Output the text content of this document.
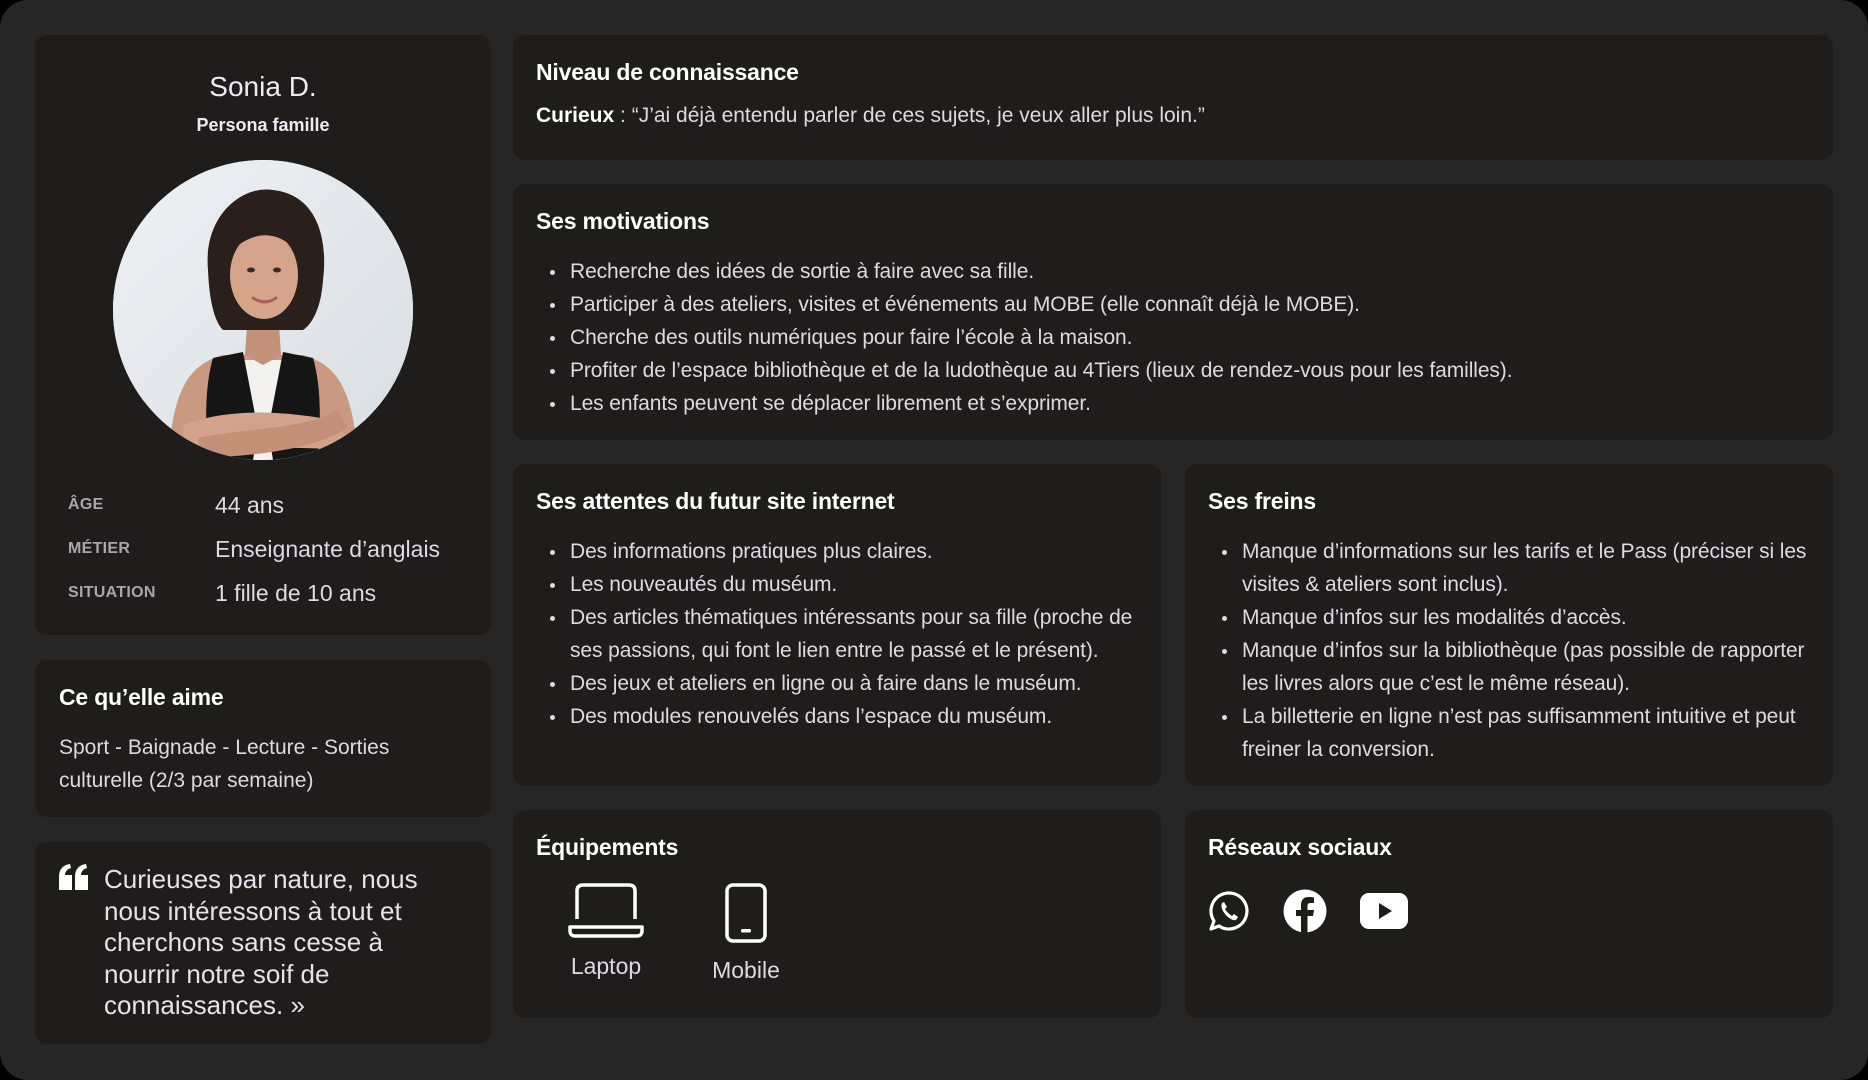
Sonia D.
Persona famille
ÂGE	44 ans
MÉTIER	Enseignante d’anglais
SITUATION	1 fille de 10 ans
Ce qu’elle aime
Sport - Baignade - Lecture - Sorties culturelle (2/3 par semaine)
Curieuses par nature, nous nous intéressons à tout et cherchons sans cesse à nourrir notre soif de connaissances. »
Niveau de connaissance
Curieux : “J’ai déjà entendu parler de ces sujets, je veux aller plus loin.”
Ses motivations
Recherche des idées de sortie à faire avec sa fille.
Participer à des ateliers, visites et événements au MOBE (elle connaît déjà le MOBE).
Cherche des outils numériques pour faire l’école à la maison.
Profiter de l’espace bibliothèque et de la ludothèque au 4Tiers (lieux de rendez-vous pour les familles).
Les enfants peuvent se déplacer librement et s’exprimer.
Ses attentes du futur site internet
Des informations pratiques plus claires.
Les nouveautés du muséum.
Des articles thématiques intéressants pour sa fille (proche de ses passions, qui font le lien entre le passé et le présent).
Des jeux et ateliers en ligne ou à faire dans le muséum.
Des modules renouvelés dans l’espace du muséum.
Ses freins
Manque d’informations sur les tarifs et le Pass (préciser si les visites & ateliers sont inclus).
Manque d’infos sur les modalités d’accès.
Manque d’infos sur la bibliothèque (pas possible de rapporter les livres alors que c’est le même réseau).
La billetterie en ligne n’est pas suffisamment intuitive et peut freiner la conversion.
Équipements
Laptop	Mobile
Réseaux sociaux
